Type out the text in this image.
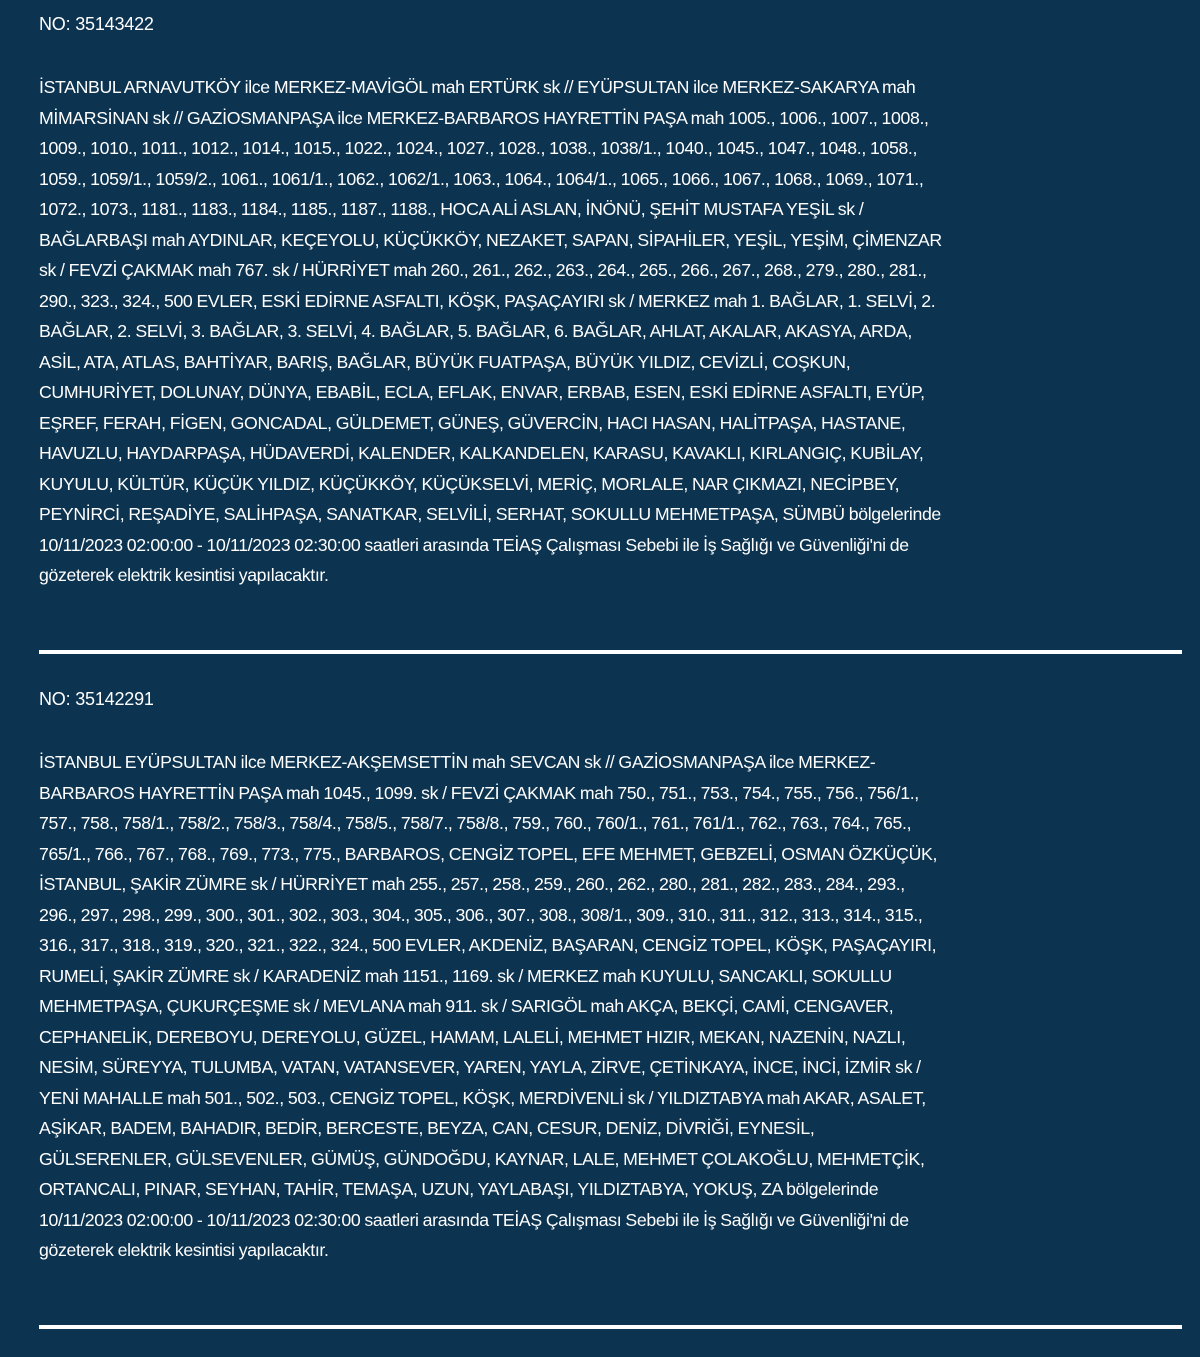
NO: 35143422

İSTANBUL ARNAVUTKÖY ilce MERKEZ-MAVİGÖL mah ERTÜRK sk // EYÜPSULTAN ilce MERKEZ-SAKARYA mah
MİMARSİNAN sk // GAZİOSMANPAŞA ilce MERKEZ-BARBAROS HAYRETTİN PAŞA mah 1005., 1006., 1007., 1008.,
1009., 1010., 1011., 1012., 1014., 1015., 1022., 1024., 1027., 1028., 1038., 1038/1., 1040., 1045., 1047., 1048., 1058.,
1059., 1059/1., 1059/2., 1061., 1061/1., 1062., 1062/1., 1063., 1064., 1064/1., 1065., 1066., 1067., 1068., 1069., 1071.,
1072., 1073., 1181., 1183., 1184., 1185., 1187., 1188., HOCA ALİ ASLAN, İNÖNÜ, ŞEHİT MUSTAFA YEŞİL sk /
BAĞLARBAŞI mah AYDINLAR, KEÇEYOLU, KÜÇÜKKÖY, NEZAKET, SAPAN, SİPAHİLER, YEŞİL, YEŞİM, ÇİMENZAR
sk / FEVZİ ÇAKMAK mah 767. sk / HÜRRİYET mah 260., 261., 262., 263., 264., 265., 266., 267., 268., 279., 280., 281.,
290., 323., 324., 500 EVLER, ESKİ EDİRNE ASFALTI, KÖŞK, PAŞAÇAYIRI sk / MERKEZ mah 1. BAĞLAR, 1. SELVİ, 2.
BAĞLAR, 2. SELVİ, 3. BAĞLAR, 3. SELVİ, 4. BAĞLAR, 5. BAĞLAR, 6. BAĞLAR, AHLAT, AKALAR, AKASYA, ARDA,
ASİL, ATA, ATLAS, BAHTİYAR, BARIŞ, BAĞLAR, BÜYÜK FUATPAŞA, BÜYÜK YILDIZ, CEVİZLİ, COŞKUN,
CUMHURİYET, DOLUNAY, DÜNYA, EBABİL, ECLA, EFLAK, ENVAR, ERBAB, ESEN, ESKİ EDİRNE ASFALTI, EYÜP,
EŞREF, FERAH, FİGEN, GONCADAL, GÜLDEMET, GÜNEŞ, GÜVERCİN, HACI HASAN, HALİTPAŞA, HASTANE,
HAVUZLU, HAYDARPAŞA, HÜDAVERDİ, KALENDER, KALKANDELEN, KARASU, KAVAKLI, KIRLANGIÇ, KUBİLAY,
KUYULU, KÜLTÜR, KÜÇÜK YILDIZ, KÜÇÜKKÖY, KÜÇÜKSELVİ, MERİÇ, MORLALE, NAR ÇIKMAZI, NECİPBEY,
PEYNİRCİ, REŞADİYE, SALİHPAŞA, SANATKAR, SELVİLİ, SERHAT, SOKULLU MEHMETPAŞA, SÜMBÜ bölgelerinde
10/11/2023 02:00:00 - 10/11/2023 02:30:00 saatleri arasında TEİAŞ Çalışması Sebebi ile İş Sağlığı ve Güvenliği'ni de
gözeterek elektrik kesintisi yapılacaktır.

NO: 35142291

İSTANBUL EYÜPSULTAN ilce MERKEZ-AKŞEMSETTİN mah SEVCAN sk // GAZİOSMANPAŞA ilce MERKEZ-
BARBAROS HAYRETTİN PAŞA mah 1045., 1099. sk / FEVZİ ÇAKMAK mah 750., 751., 753., 754., 755., 756., 756/1.,
757., 758., 758/1., 758/2., 758/3., 758/4., 758/5., 758/7., 758/8., 759., 760., 760/1., 761., 761/1., 762., 763., 764., 765.,
765/1., 766., 767., 768., 769., 773., 775., BARBAROS, CENGİZ TOPEL, EFE MEHMET, GEBZELİ, OSMAN ÖZKÜÇÜK,
İSTANBUL, ŞAKİR ZÜMRE sk / HÜRRİYET mah 255., 257., 258., 259., 260., 262., 280., 281., 282., 283., 284., 293.,
296., 297., 298., 299., 300., 301., 302., 303., 304., 305., 306., 307., 308., 308/1., 309., 310., 311., 312., 313., 314., 315.,
316., 317., 318., 319., 320., 321., 322., 324., 500 EVLER, AKDENİZ, BAŞARAN, CENGİZ TOPEL, KÖŞK, PAŞAÇAYIRI,
RUMELİ, ŞAKİR ZÜMRE sk / KARADENİZ mah 1151., 1169. sk / MERKEZ mah KUYULU, SANCAKLI, SOKULLU
MEHMETPAŞA, ÇUKURÇEŞME sk / MEVLANA mah 911. sk / SARIGÖL mah AKÇA, BEKÇİ, CAMİ, CENGAVER,
CEPHANELİK, DEREBOYU, DEREYOLU, GÜZEL, HAMAM, LALELİ, MEHMET HIZIR, MEKAN, NAZENİN, NAZLI,
NESİM, SÜREYYA, TULUMBA, VATAN, VATANSEVER, YAREN, YAYLA, ZİRVE, ÇETİNKAYA, İNCE, İNCİ, İZMİR sk /
YENİ MAHALLE mah 501., 502., 503., CENGİZ TOPEL, KÖŞK, MERDİVENLİ sk / YILDIZTABYA mah AKAR, ASALET,
AŞİKAR, BADEM, BAHADIR, BEDİR, BERCESTE, BEYZA, CAN, CESUR, DENİZ, DİVRİĞİ, EYNESİL,
GÜLSERENLER, GÜLSEVENLER, GÜMÜŞ, GÜNDOĞDU, KAYNAR, LALE, MEHMET ÇOLAKOĞLU, MEHMETÇİK,
ORTANCALI, PINAR, SEYHAN, TAHİR, TEMAŞA, UZUN, YAYLABAŞI, YILDIZTABYA, YOKUŞ, ZA bölgelerinde
10/11/2023 02:00:00 - 10/11/2023 02:30:00 saatleri arasında TEİAŞ Çalışması Sebebi ile İş Sağlığı ve Güvenliği'ni de
gözeterek elektrik kesintisi yapılacaktır.
